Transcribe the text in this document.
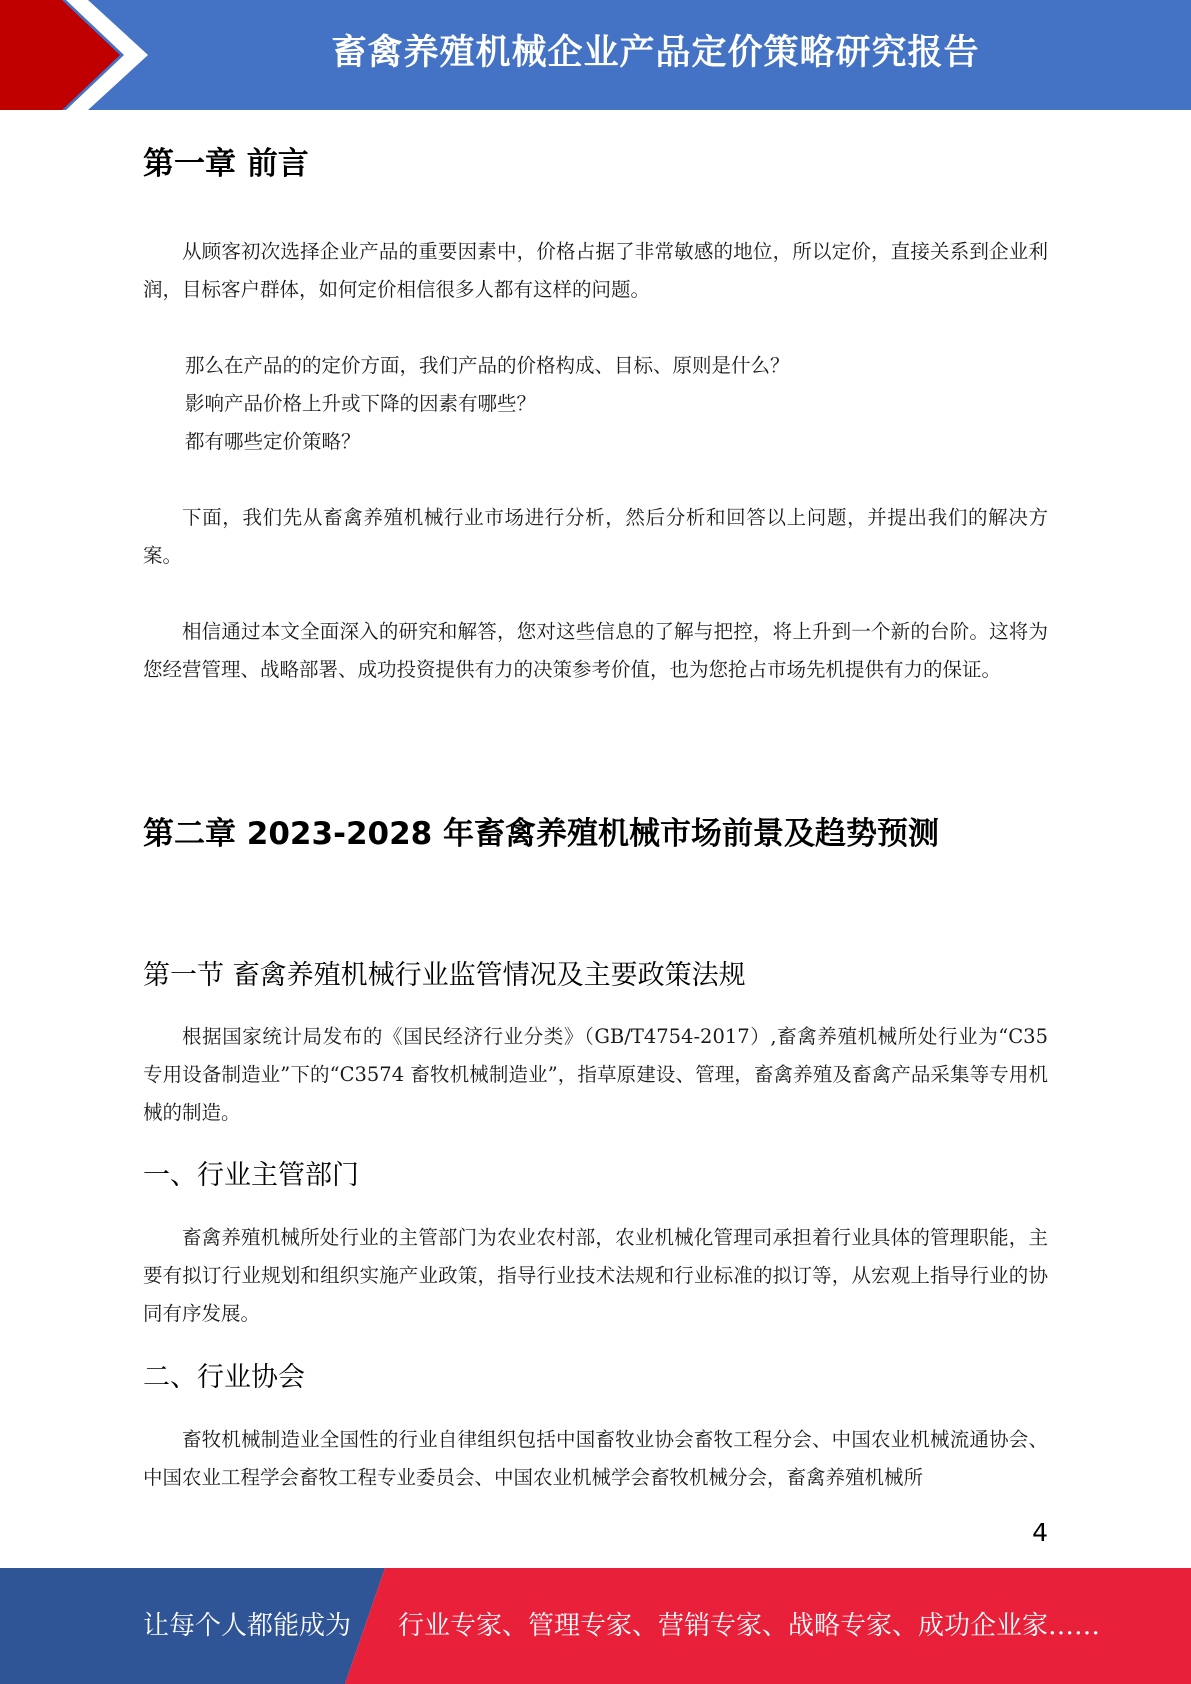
畜禽养殖机械企业产品定价策略研究报告
第一章 前言

从顾客初次选择企业产品的重要因素中，价格占据了非常敏感的地位，所以定价，直接关系到企业利润，目标客户群体，如何定价相信很多人都有这样的问题。

那么在产品的的定价方面，我们产品的价格构成、目标、原则是什么？

影响产品价格上升或下降的因素有哪些？

都有哪些定价策略？

下面，我们先从畜禽养殖机械行业市场进行分析，然后分析和回答以上问题，并提出我们的解决方案。

相信通过本文全面深入的研究和解答，您对这些信息的了解与把控，将上升到一个新的台阶。这将为您经营管理、战略部署、成功投资提供有力的决策参考价值，也为您抢占市场先机提供有力的保证。

第二章 2023-2028 年畜禽养殖机械市场前景及趋势预测
第一节 畜禽养殖机械行业监管情况及主要政策法规

根据国家统计局发布的《国民经济行业分类》（GB/T4754-2017）,畜禽养殖机械所处行业为“C35 专用设备制造业”下的“C3574 畜牧机械制造业”，指草原建设、管理，畜禽养殖及畜禽产品采集等专用机械的制造。

一、行业主管部门

畜禽养殖机械所处行业的主管部门为农业农村部，农业机械化管理司承担着行业具体的管理职能，主要有拟订行业规划和组织实施产业政策，指导行业技术法规和行业标准的拟订等，从宏观上指导行业的协同有序发展。

二、行业协会

畜牧机械制造业全国性的行业自律组织包括中国畜牧业协会畜牧工程分会、中国农业机械流通协会、中国农业工程学会畜牧工程专业委员会、中国农业机械学会畜牧机械分会，畜禽养殖机械所

4
让每个人都能成为 行业专家、管理专家、营销专家、战略专家、成功企业家……
